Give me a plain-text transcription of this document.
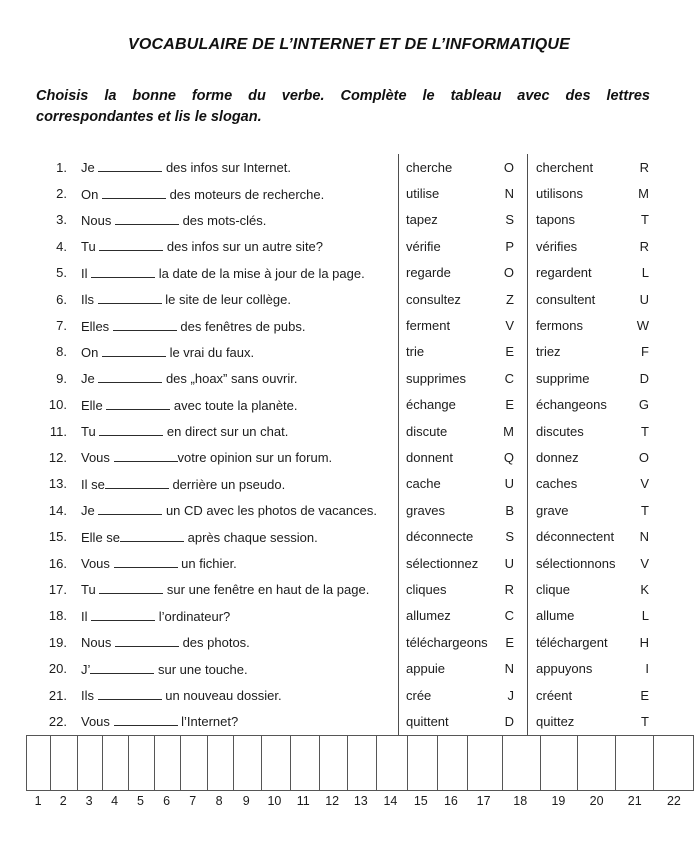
VOCABULAIRE DE L’INTERNET ET DE L’INFORMATIQUE
Choisis la bonne forme du verbe. Complète le tableau avec des lettres
correspondantes et lis le slogan.
1.	Je	des infos sur Internet.	cherche	O cherchent	R
2.	On	des moteurs de recherche.	utilise	N utilisons	M
3.	Nous	des mots-clés.	tapez	S tapons	T
4.	Tu	des infos sur un autre site?	vérifie	P vérifies	R
5.	Il	la date de la mise à jour de la page.	regarde	O regardent	L
6.	Ils	le site de leur collège.	consultez	Z consultent	U
7.	Elles	des fenêtres de pubs.	ferment	V fermons	W
8.	On	le vrai du faux.	trie	E triez	F
9.	Je	des „hoax” sans ouvrir.	supprimes	C supprime	D
10.	Elle	avec toute la planète.	échange	E échangeons G
11.	Tu	en direct sur un chat.	discute	M discutes	T
12.	Vous	votre opinion sur un forum.	donnent	Q donnez	O
13.	Il se	derrière un pseudo.	cache	U caches	V
14.	Je	un CD avec les photos de vacances.	graves	B grave	T
15.	Elle se	après chaque session.	déconnecte S déconnectent N
16.	Vous	un fichier.	sélectionnez U sélectionnons V
17.	Tu	sur une fenêtre en haut de la page.	cliques	R clique	K
18.	Il	l’ordinateur?	allumez	C allume	L
19.	Nous	des photos.	téléchargeons E téléchargent H
20.	J’	sur une touche.	appuie	N appuyons	I
21.	Ils	un nouveau dossier.	crée	J créent	E
22.	Vous	l’Internet?	quittent	D quittez	T
1	2	3	4	5	6	7	8	9	10	11	12	13	14	15	16	17	18	19	20	21	22
